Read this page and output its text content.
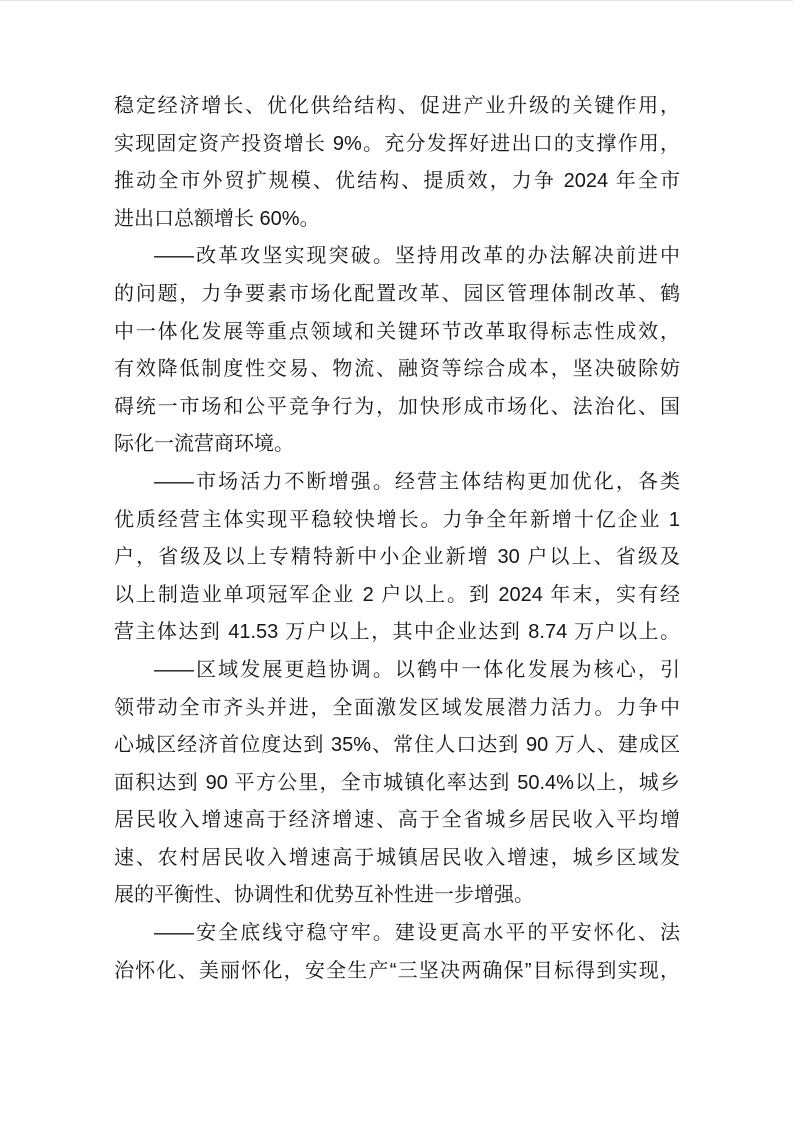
稳定经济增长、优化供给结构、促进产业升级的关键作用，
实现固定资产投资增长 9%。充分发挥好进出口的支撑作用，
推动全市外贸扩规模、优结构、提质效，力争 2024 年全市
进出口总额增长 60%。
——改革攻坚实现突破。坚持用改革的办法解决前进中
的问题，力争要素市场化配置改革、园区管理体制改革、鹤
中一体化发展等重点领域和关键环节改革取得标志性成效，
有效降低制度性交易、物流、融资等综合成本，坚决破除妨
碍统一市场和公平竞争行为，加快形成市场化、法治化、国
际化一流营商环境。
——市场活力不断增强。经营主体结构更加优化，各类
优质经营主体实现平稳较快增长。力争全年新增十亿企业 1
户，省级及以上专精特新中小企业新增 30 户以上、省级及
以上制造业单项冠军企业 2 户以上。到 2024 年末，实有经
营主体达到 41.53 万户以上，其中企业达到 8.74 万户以上。
——区域发展更趋协调。以鹤中一体化发展为核心，引
领带动全市齐头并进，全面激发区域发展潜力活力。力争中
心城区经济首位度达到 35%、常住人口达到 90 万人、建成区
面积达到 90 平方公里，全市城镇化率达到 50.4%以上，城乡
居民收入增速高于经济增速、高于全省城乡居民收入平均增
速、农村居民收入增速高于城镇居民收入增速，城乡区域发
展的平衡性、协调性和优势互补性进一步增强。
——安全底线守稳守牢。建设更高水平的平安怀化、法
治怀化、美丽怀化，安全生产“三坚决两确保”目标得到实现，
